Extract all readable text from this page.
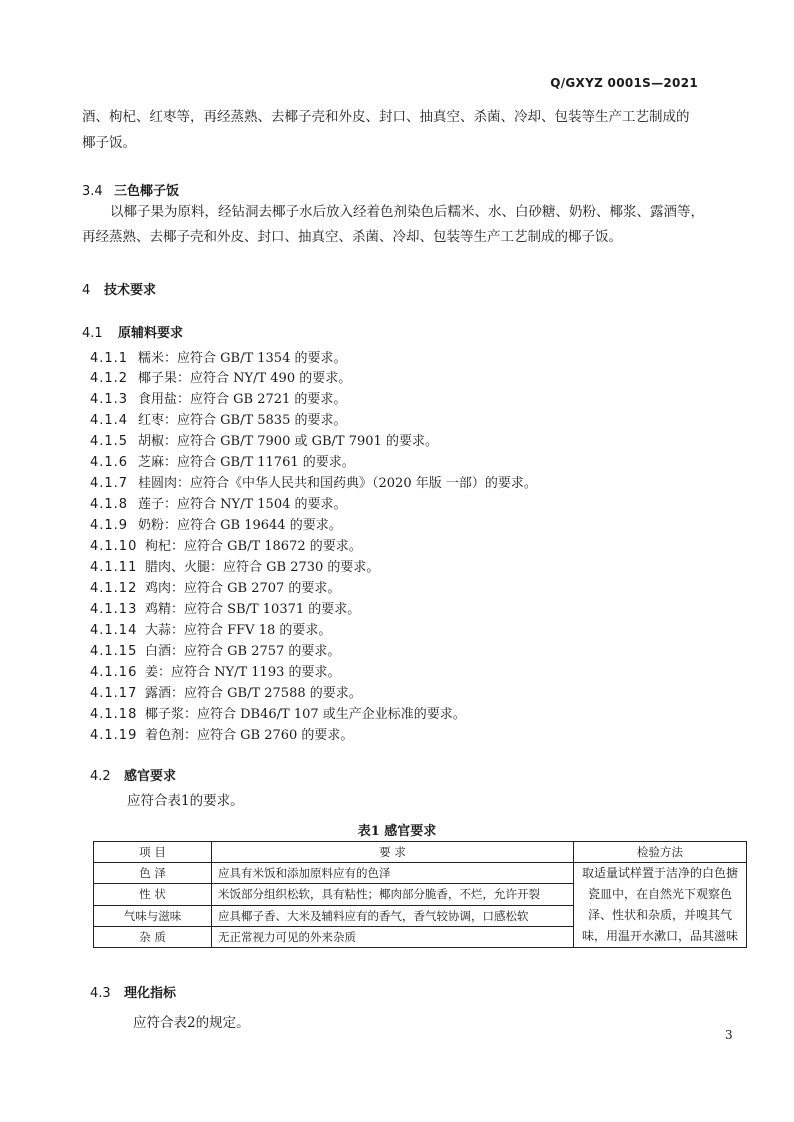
Q/GXYZ 0001S—2021
酒、枸杞、红枣等，再经蒸熟、去椰子壳和外皮、封口、抽真空、杀菌、冷却、包装等生产工艺制成的
椰子饭。
3.4 三色椰子饭
以椰子果为原料，经钻洞去椰子水后放入经着色剂染色后糯米、水、白砂糖、奶粉、椰浆、露酒等，
再经蒸熟、去椰子壳和外皮、封口、抽真空、杀菌、冷却、包装等生产工艺制成的椰子饭。
4 技术要求
4.1 原辅料要求
4.1.1 糯米：应符合 GB/T 1354 的要求。
4.1.2 椰子果：应符合 NY/T 490 的要求。
4.1.3 食用盐：应符合 GB 2721 的要求。
4.1.4 红枣：应符合 GB/T 5835 的要求。
4.1.5 胡椒：应符合 GB/T 7900 或 GB/T 7901 的要求。
4.1.6 芝麻：应符合 GB/T 11761 的要求。
4.1.7 桂圆肉：应符合《中华人民共和国药典》（2020 年版 一部）的要求。
4.1.8 莲子：应符合 NY/T 1504 的要求。
4.1.9 奶粉：应符合 GB 19644 的要求。
4.1.10 枸杞：应符合 GB/T 18672 的要求。
4.1.11 腊肉、火腿：应符合 GB 2730 的要求。
4.1.12 鸡肉：应符合 GB 2707 的要求。
4.1.13 鸡精：应符合 SB/T 10371 的要求。
4.1.14 大蒜：应符合 FFV 18 的要求。
4.1.15 白酒：应符合 GB 2757 的要求。
4.1.16 姜：应符合 NY/T 1193 的要求。
4.1.17 露酒：应符合 GB/T 27588 的要求。
4.1.18 椰子浆：应符合 DB46/T 107 或生产企业标准的要求。
4.1.19 着色剂：应符合 GB 2760 的要求。
4.2 感官要求
应符合表1的要求。
表1 感官要求
项 目	要 求	检验方法
色 泽	应具有米饭和添加原料应有的色泽	取适量试样置于洁净的白色搪瓷皿中，在自然光下观察色泽、性状和杂质，并嗅其气味，用温开水漱口，品其滋味
性 状	米饭部分组织松软，具有粘性；椰肉部分脆香，不烂，允许开裂	
气味与滋味	应具椰子香、大米及辅料应有的香气，香气较协调，口感松软	
杂 质	无正常视力可见的外来杂质	
4.3 理化指标
应符合表2的规定。
3
